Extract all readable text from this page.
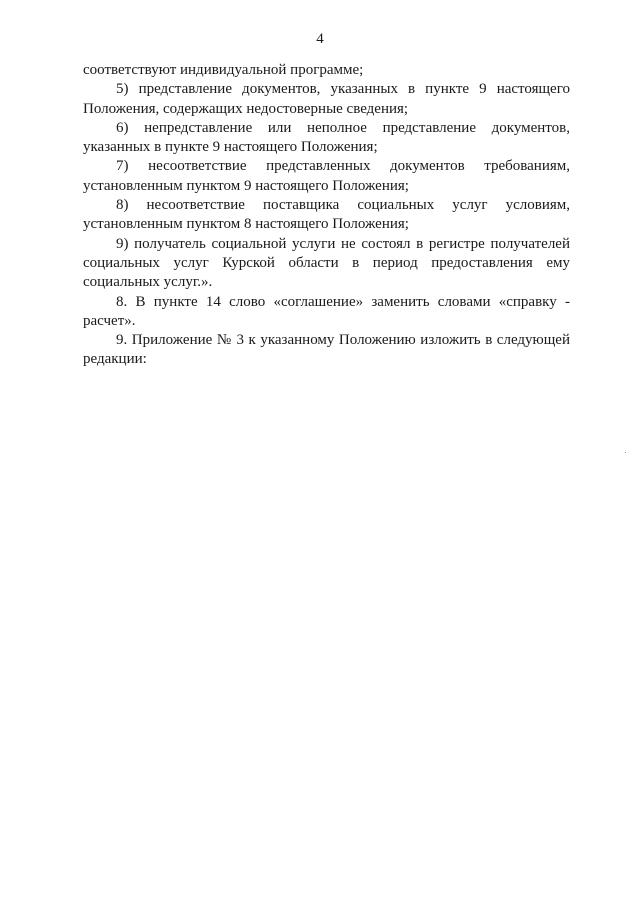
4

соответствуют индивидуальной программе;

5) представление документов, указанных в пункте 9 настоящего Положения, содержащих недостоверные сведения;

6) непредставление или неполное представление документов, указанных в пункте 9 настоящего Положения;

7) несоответствие представленных документов требованиям, установленным пунктом 9 настоящего Положения;

8) несоответствие поставщика социальных услуг условиям, установленным пунктом 8 настоящего Положения;

9) получатель социальной услуги не состоял в регистре получателей социальных услуг Курской области в период предоставления ему социальных услуг.».

8. В пункте 14 слово «соглашение» заменить словами «справку - расчет».

9. Приложение № 3 к указанному Положению изложить в следующей редакции:
